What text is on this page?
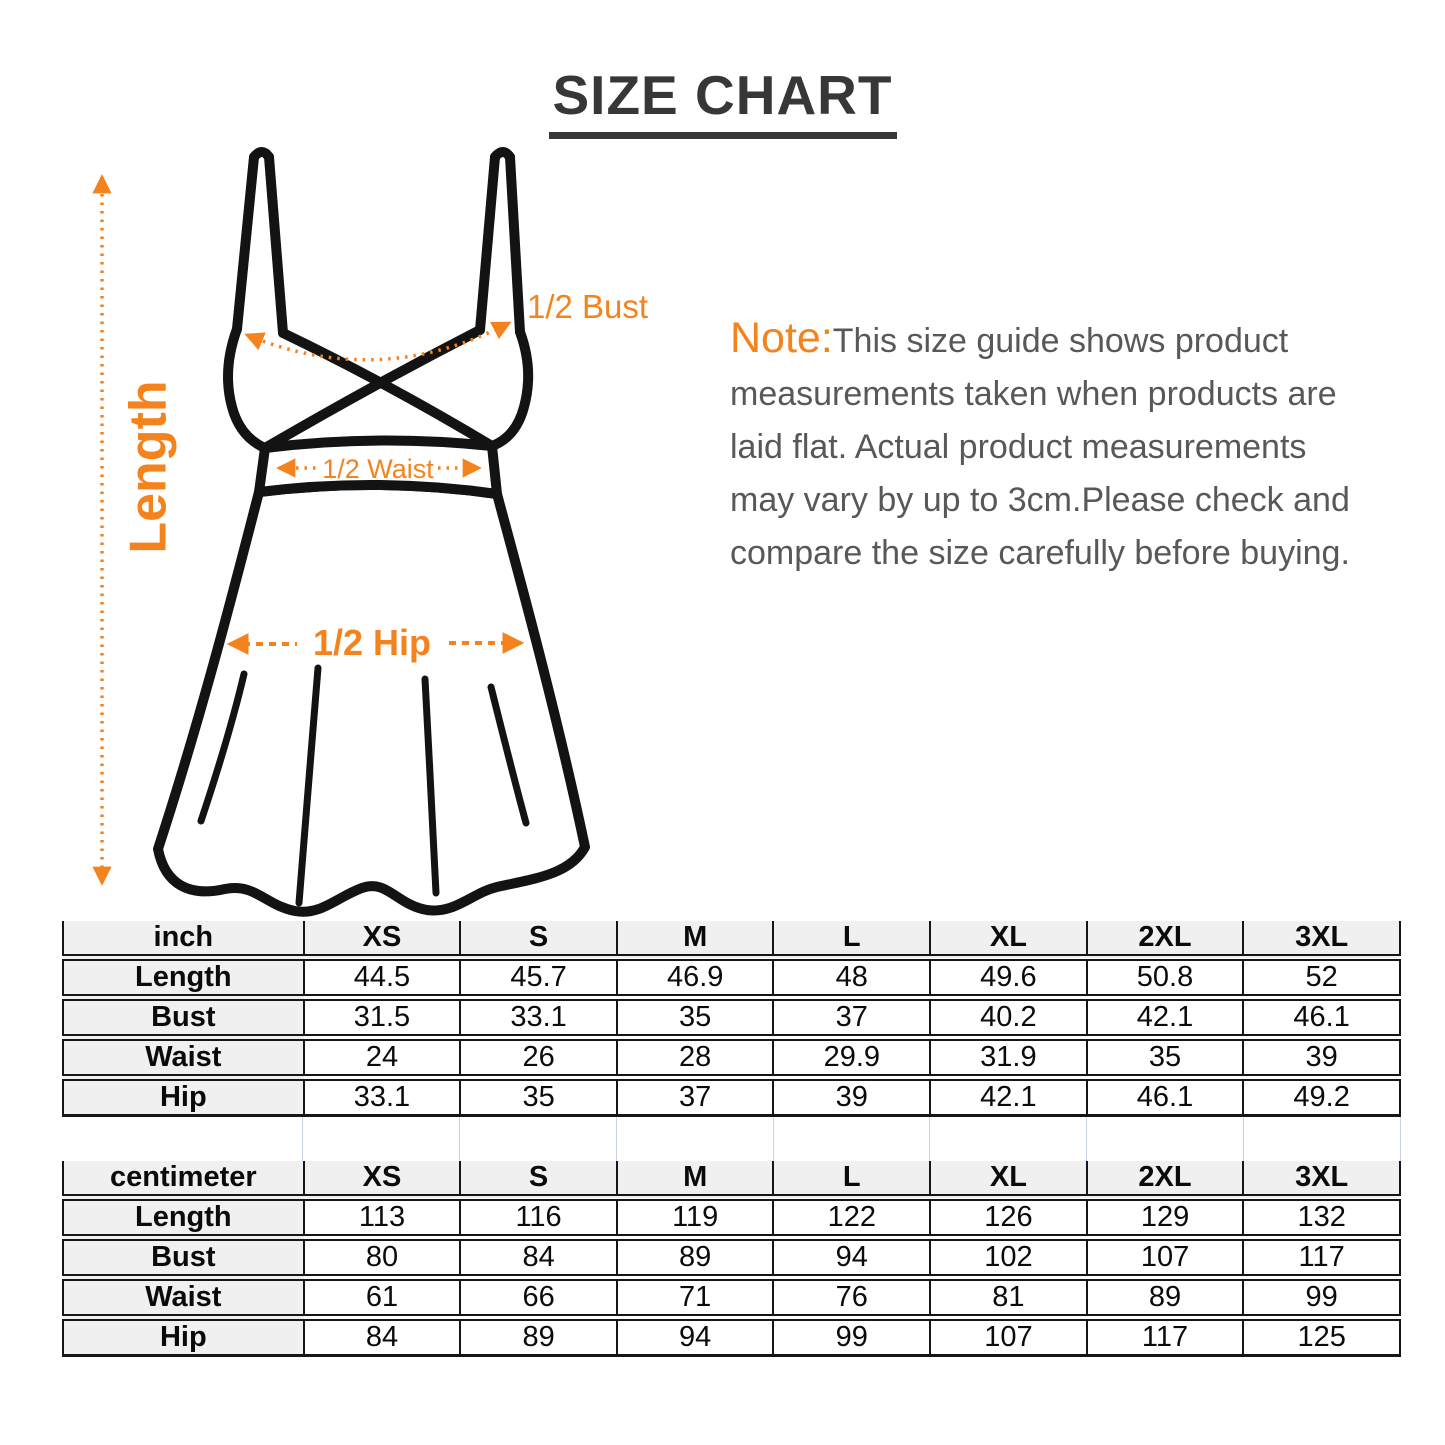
SIZE CHART
Length
1/2 Bust
1/2 Waist
1/2 Hip
Note:This size guide shows product
measurements taken when products are
laid flat. Actual product measurements
may vary by up to 3cm.Please check and
compare the size carefully before buying.
inch	XS	S	M	L	XL	2XL	3XL
Length	44.5	45.7	46.9	48	49.6	50.8	52
Bust	31.5	33.1	35	37	40.2	42.1	46.1
Waist	24	26	28	29.9	31.9	35	39
Hip	33.1	35	37	39	42.1	46.1	49.2
centimeter	XS	S	M	L	XL	2XL	3XL
Length	113	116	119	122	126	129	132
Bust	80	84	89	94	102	107	117
Waist	61	66	71	76	81	89	99
Hip	84	89	94	99	107	117	125
